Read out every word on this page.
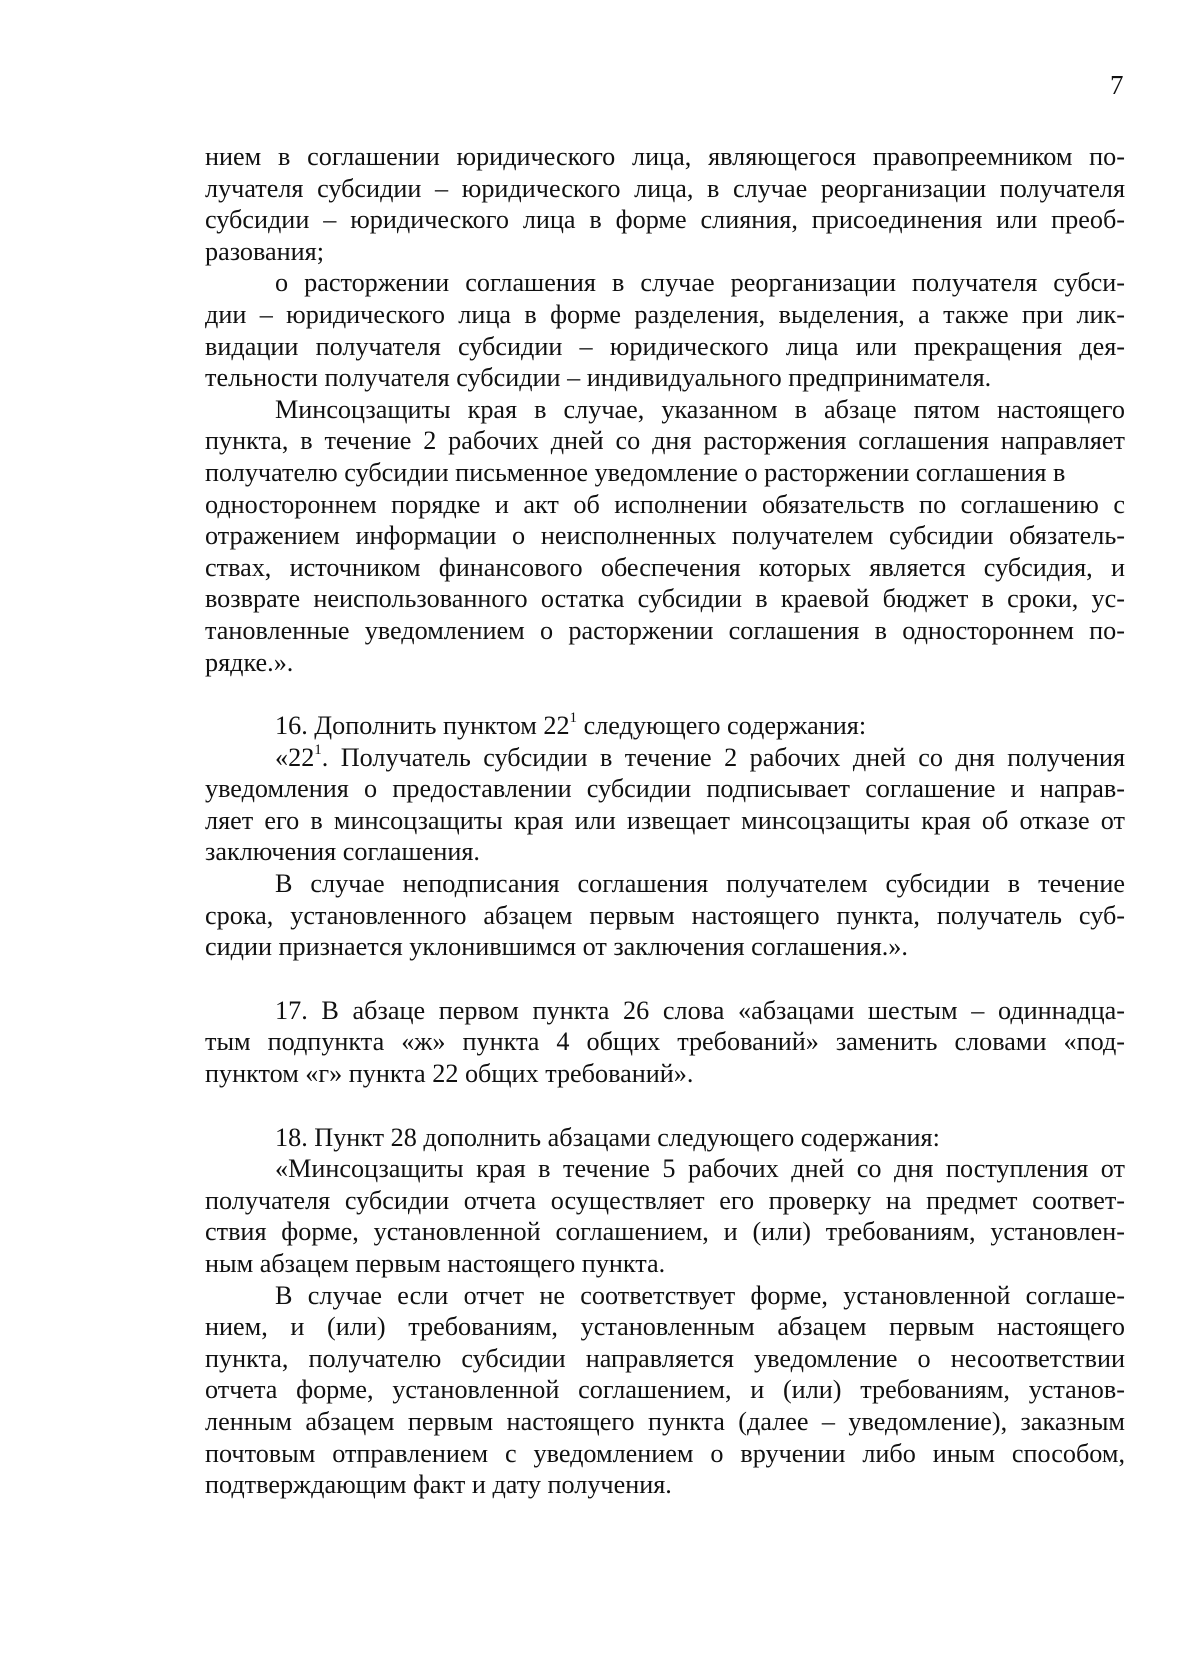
7

нием в соглашении юридического лица, являющегося правопреемником по-
лучателя субсидии – юридического лица, в случае реорганизации получателя
субсидии – юридического лица в форме слияния, присоединения или преоб-
разования;

о расторжении соглашения в случае реорганизации получателя субси-
дии – юридического лица в форме разделения, выделения, а также при лик-
видации получателя субсидии – юридического лица или прекращения дея-
тельности получателя субсидии – индивидуального предпринимателя.

Минсоцзащиты края в случае, указанном в абзаце пятом настоящего
пункта, в течение 2 рабочих дней со дня расторжения соглашения направляет
получателю субсидии письменное уведомление о расторжении соглашения в
одностороннем порядке и акт об исполнении обязательств по соглашению с
отражением информации о неисполненных получателем субсидии обязатель-
ствах, источником финансового обеспечения которых является субсидия, и
возврате неиспользованного остатка субсидии в краевой бюджет в сроки, ус-
тановленные уведомлением о расторжении соглашения в одностороннем по-
рядке.».

16. Дополнить пунктом $22^1$ следующего содержания:

«$22^1$. Получатель субсидии в течение 2 рабочих дней со дня получения
уведомления о предоставлении субсидии подписывает соглашение и направ-
ляет его в минсоцзащиты края или извещает минсоцзащиты края об отказе от
заключения соглашения.

В случае неподписания соглашения получателем субсидии в течение
срока, установленного абзацем первым настоящего пункта, получатель суб-
сидии признается уклонившимся от заключения соглашения.».

17. В абзаце первом пункта 26 слова «абзацами шестым – одиннадца-
тым подпункта «ж» пункта 4 общих требований» заменить словами «под-
пунктом «г» пункта 22 общих требований».

18. Пункт 28 дополнить абзацами следующего содержания:

«Минсоцзащиты края в течение 5 рабочих дней со дня поступления от
получателя субсидии отчета осуществляет его проверку на предмет соответ-
ствия форме, установленной соглашением, и (или) требованиям, установлен-
ным абзацем первым настоящего пункта.

В случае если отчет не соответствует форме, установленной соглаше-
нием, и (или) требованиям, установленным абзацем первым настоящего
пункта, получателю субсидии направляется уведомление о несоответствии
отчета форме, установленной соглашением, и (или) требованиям, установ-
ленным абзацем первым настоящего пункта (далее – уведомление), заказным
почтовым отправлением с уведомлением о вручении либо иным способом,
подтверждающим факт и дату получения.
